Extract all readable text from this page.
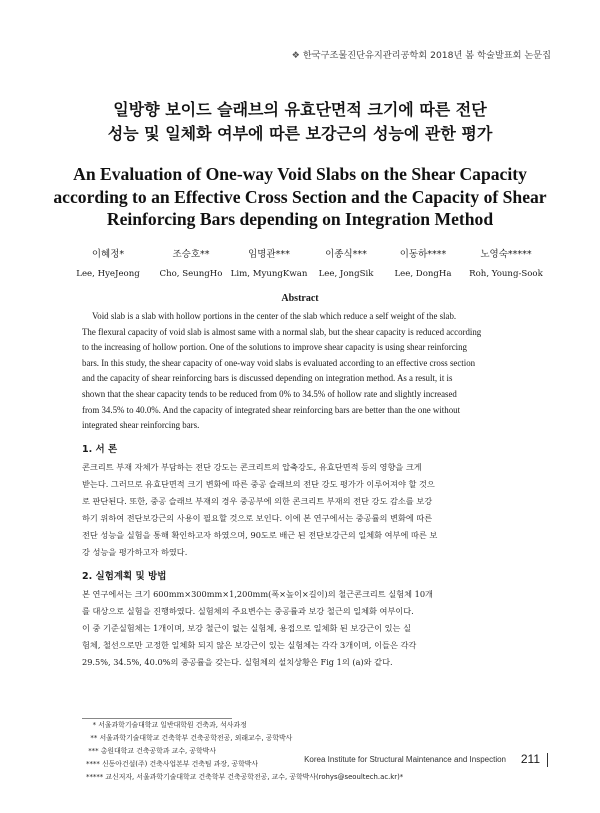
❖ 한국구조물진단유지관리공학회 2018년 봄 학술발표회 논문집
일방향 보이드 슬래브의 유효단면적 크기에 따른 전단
성능 및 일체화 여부에 따른 보강근의 성능에 관한 평가
An Evaluation of One-way Void Slabs on the Shear Capacity
according to an Effective Cross Section and the Capacity of Shear
Reinforcing Bars depending on Integration Method
이혜정*
Lee, HyeJeong
조승호**
Cho, SeungHo
임명관***
Lim, MyungKwan
이종식***
Lee, JongSik
이동하****
Lee, DongHa
노영숙*****
Roh, Young-Sook
Abstract
Void slab is a slab with hollow portions in the center of the slab which reduce a self weight of the slab.
The flexural capacity of void slab is almost same with a normal slab, but the shear capacity is reduced according
to the increasing of hollow portion. One of the solutions to improve shear capacity is using shear reinforcing
bars. In this study, the shear capacity of one-way void slabs is evaluated according to an effective cross section
and the capacity of shear reinforcing bars is discussed depending on integration method. As a result, it is
shown that the shear capacity tends to be reduced from 0% to 34.5% of hollow rate and slightly increased
from 34.5% to 40.0%. And the capacity of integrated shear reinforcing bars are better than the one without
integrated shear reinforcing bars.
1. 서 론
콘크리트 부재 자체가 부담하는 전단 강도는 콘크리트의 압축강도, 유효단면적 등의 영향을 크게
받는다. 그러므로 유효단면적 크기 변화에 따른 중공 슬래브의 전단 강도 평가가 이루어져야 할 것으
로 판단된다. 또한, 중공 슬래브 부재의 경우 중공부에 의한 콘크리트 부재의 전단 강도 감소를 보강
하기 위하여 전단보강근의 사용이 필요할 것으로 보인다. 이에 본 연구에서는 중공률의 변화에 따른
전단 성능을 실험을 통해 확인하고자 하였으며, 90도로 배근 된 전단보강근의 일체화 여부에 따른 보
강 성능을 평가하고자 하였다.
2. 실험계획 및 방법
본 연구에서는 크기 600mm×300mm×1,200mm(폭×높이×길이)의 철근콘크리트 실험체 10개
를 대상으로 실험을 진행하였다. 실험체의 주요변수는 중공률과 보강 철근의 일체화 여부이다.
이 중 기준실험체는 1개이며, 보강 철근이 없는 실험체, 용접으로 일체화 된 보강근이 있는 실
험체, 철선으로만 고정한 일체화 되지 않은 보강근이 있는 실험체는 각각 3개이며, 이들은 각각
29.5%, 34.5%, 40.0%의 중공률을 갖는다. 실험체의 설치상황은 Fig 1의 (a)와 같다.
* 서울과학기술대학교 일반대학원 건축과, 석사과정
** 서울과학기술대학교 건축학부 건축공학전공, 외래교수, 공학박사
*** 총원대학교 건축공학과 교수, 공학박사
**** 신동아건설(주) 건축사업본부 건축팀 과장, 공학박사
***** 교신저자, 서울과학기술대학교 건축학부 건축공학전공, 교수, 공학박사(rohys@seoultech.ac.kr)*
Korea Institute for Structural Maintenance and Inspection 211
